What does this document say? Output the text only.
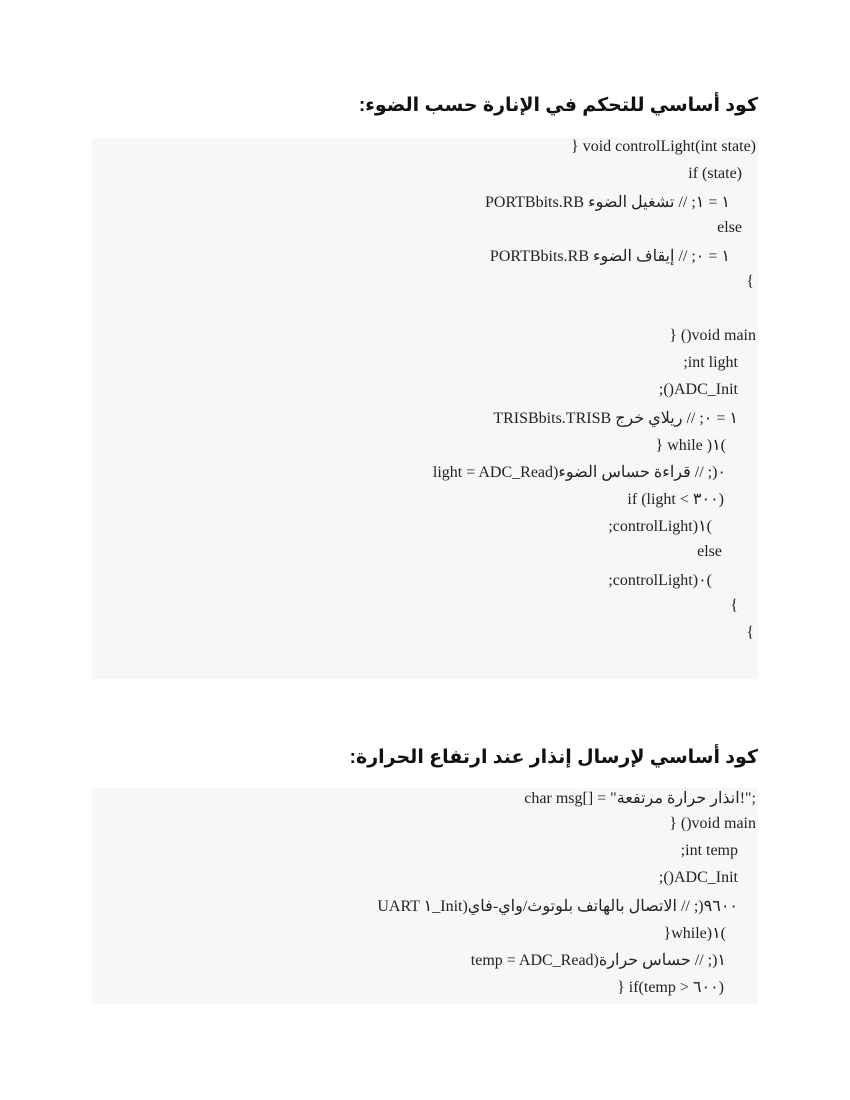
كود أساسي للتحكم في الإنارة حسب الضوء:
} void controlLight(int state)
if (state)
PORTBbits.RB ١ = ١; // تشغيل الضوء
else
PORTBbits.RB ١ = ٠; // إيقاف الضوء
{
} ()void main
;int light
;()ADC_Init
TRISBbits.TRISB ١ = ٠; // ريلاي خرج
} while )١(
light = ADC_Read)٠(; // قراءة حساس الضوء
if (light < ٣٠٠)
;controlLight)١(
else
;controlLight)٠(
{
{
كود أساسي لإرسال إنذار عند ارتفاع الحرارة:
char msg[] = "انذار حرارة مرتفعة!";
} ()void main
;int temp
;()ADC_Init
UART ١_Init)٩٦٠٠(; // الاتصال بالهاتف بلوتوث/واي-فاي
}while)١(
temp = ADC_Read)١(; // حساس حرارة
} if(temp > ٦٠٠)
